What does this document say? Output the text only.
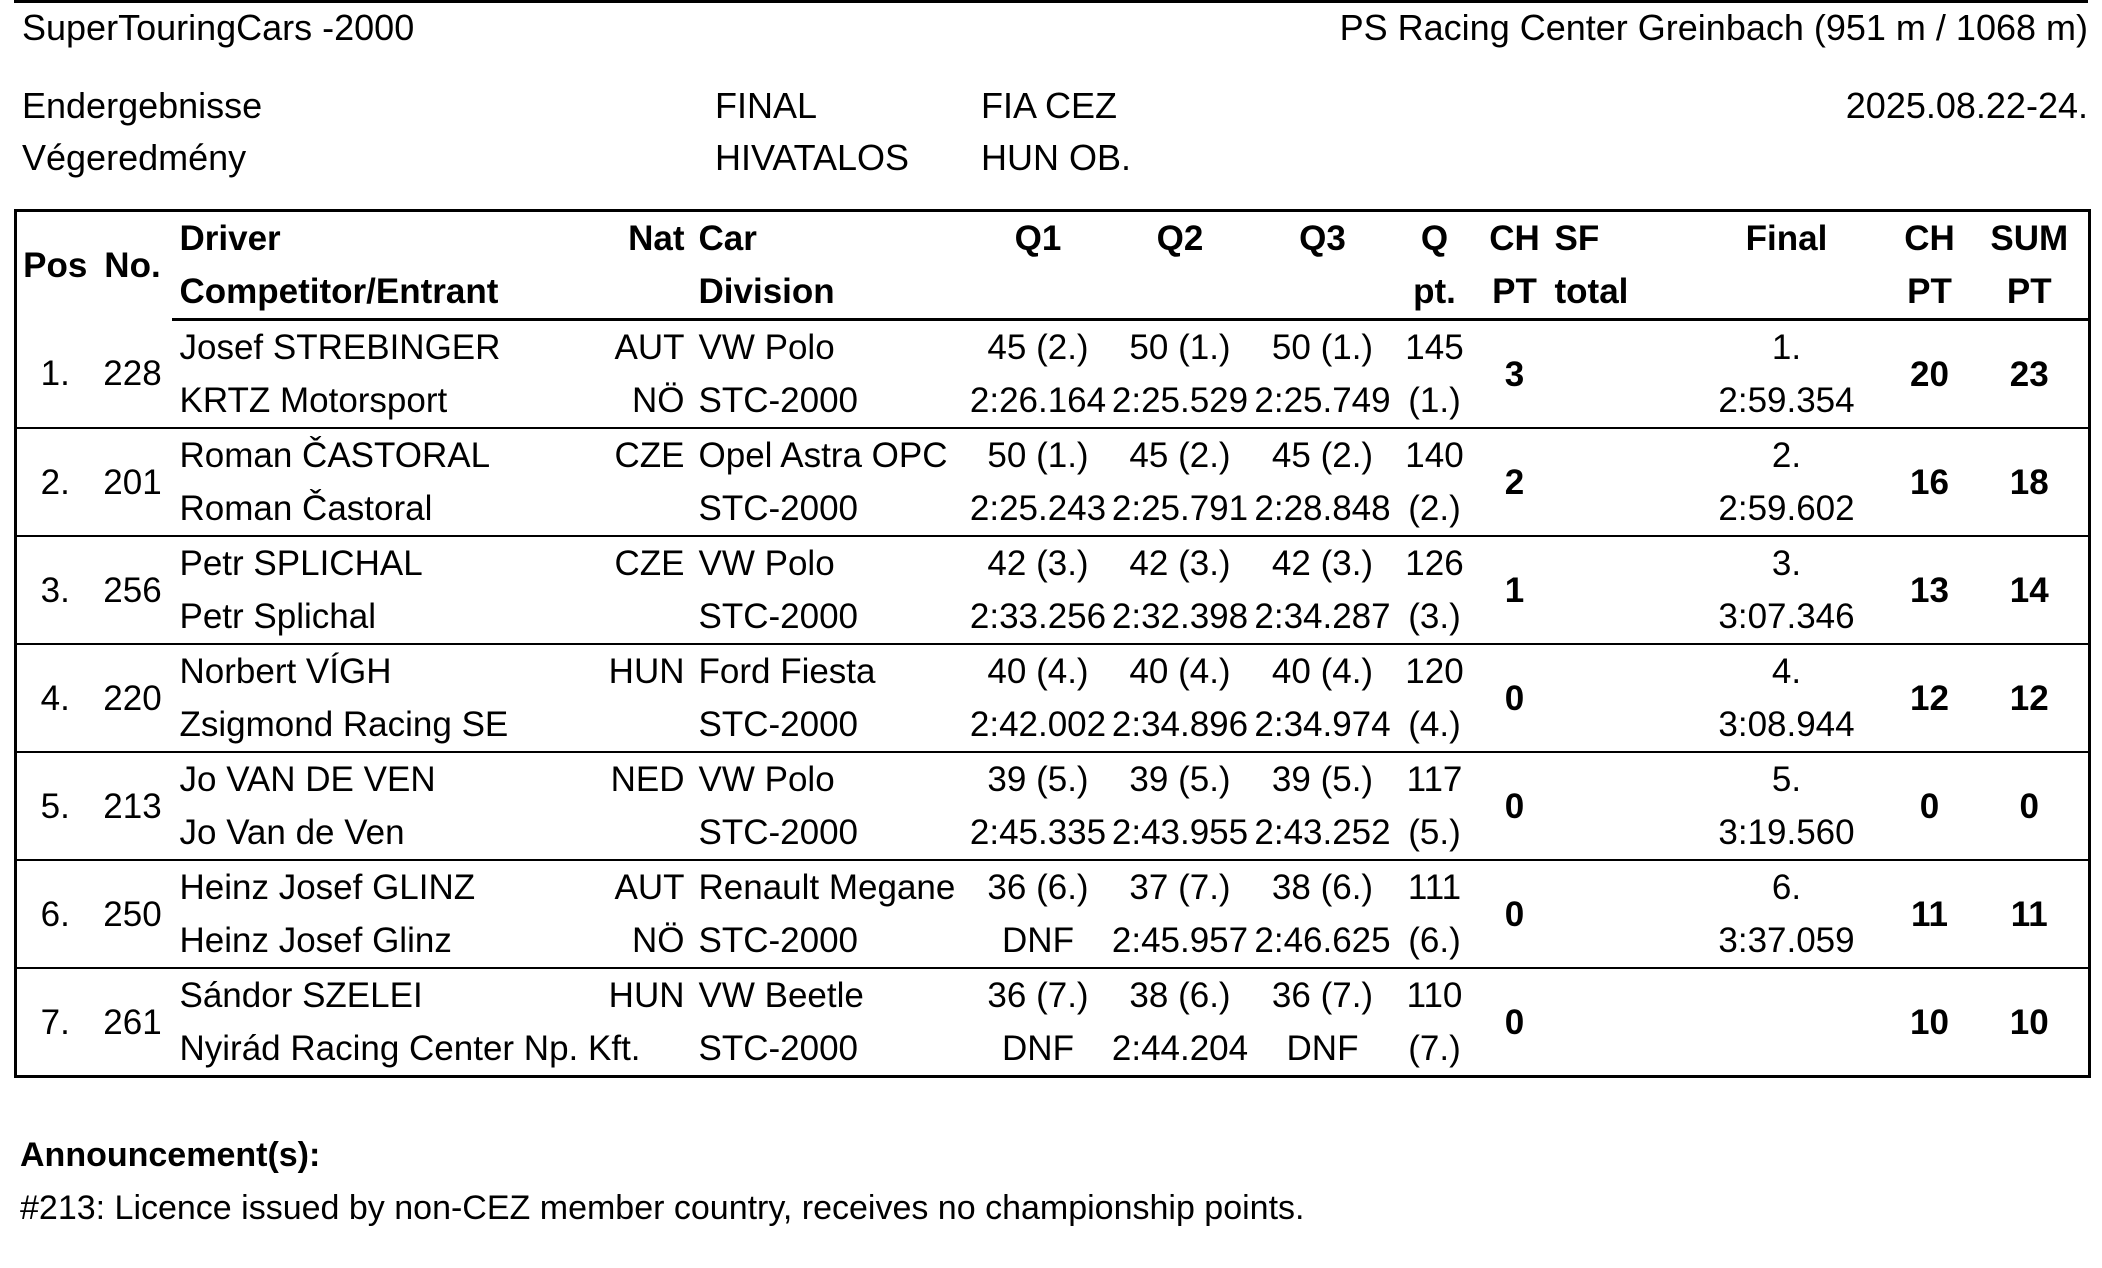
SuperTouringCars -2000	PS Racing Center Greinbach (951 m / 1068 m)
Endergebnisse
Végeredmény
FINAL
HIVATALOS
FIA CEZ
HUN OB.
2025.08.22-24.
Pos	No.	Driver	Nat	Car	Q1	Q2	Q3	Q	CH	SF	Final	CH	SUM
		Competitor/Entrant		Division				pt.	PT	total		PT	PT
1.	228	Josef STREBINGER	AUT	VW Polo	45 (2.)	50 (1.)	50 (1.)	145	3		1.	20	23
		KRTZ Motorsport	NÖ	STC-2000	2:26.164	2:25.529	2:25.749	(1.)			2:59.354		
2.	201	Roman ČASTORAL	CZE	Opel Astra OPC	50 (1.)	45 (2.)	45 (2.)	140	2		2.	16	18
		Roman Častoral		STC-2000	2:25.243	2:25.791	2:28.848	(2.)			2:59.602		
3.	256	Petr SPLICHAL	CZE	VW Polo	42 (3.)	42 (3.)	42 (3.)	126	1		3.	13	14
		Petr Splichal		STC-2000	2:33.256	2:32.398	2:34.287	(3.)			3:07.346		
4.	220	Norbert VÍGH	HUN	Ford Fiesta	40 (4.)	40 (4.)	40 (4.)	120	0		4.	12	12
		Zsigmond Racing SE		STC-2000	2:42.002	2:34.896	2:34.974	(4.)			3:08.944		
5.	213	Jo VAN DE VEN	NED	VW Polo	39 (5.)	39 (5.)	39 (5.)	117	0		5.	0	0
		Jo Van de Ven		STC-2000	2:45.335	2:43.955	2:43.252	(5.)			3:19.560		
6.	250	Heinz Josef GLINZ	AUT	Renault Megane	36 (6.)	37 (7.)	38 (6.)	111	0		6.	11	11
		Heinz Josef Glinz	NÖ	STC-2000	DNF	2:45.957	2:46.625	(6.)			3:37.059		
7.	261	Sándor SZELEI	HUN	VW Beetle	36 (7.)	38 (6.)	36 (7.)	110	0			10	10
		Nyirád Racing Center Np. Kft.		STC-2000	DNF	2:44.204	DNF	(7.)					
Announcement(s):
#213: Licence issued by non-CEZ member country, receives no championship points.
